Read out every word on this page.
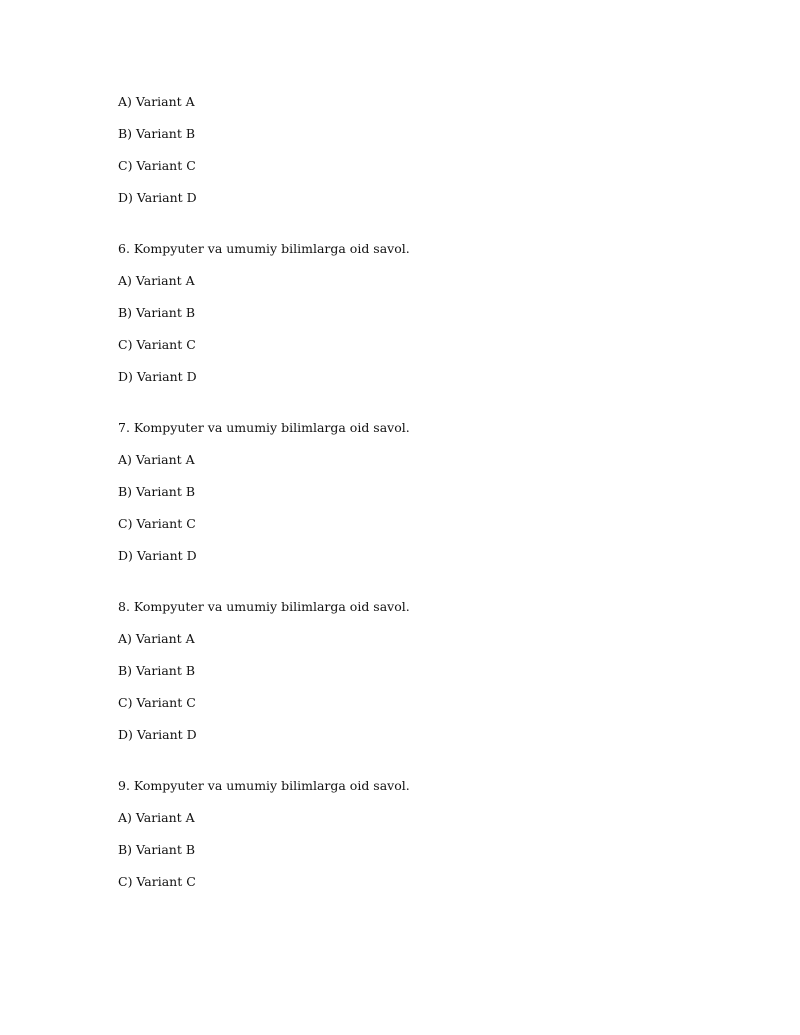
A) Variant A
B) Variant B
C) Variant C
D) Variant D
6. Kompyuter va umumiy bilimlarga oid savol.
A) Variant A
B) Variant B
C) Variant C
D) Variant D
7. Kompyuter va umumiy bilimlarga oid savol.
A) Variant A
B) Variant B
C) Variant C
D) Variant D
8. Kompyuter va umumiy bilimlarga oid savol.
A) Variant A
B) Variant B
C) Variant C
D) Variant D
9. Kompyuter va umumiy bilimlarga oid savol.
A) Variant A
B) Variant B
C) Variant C
